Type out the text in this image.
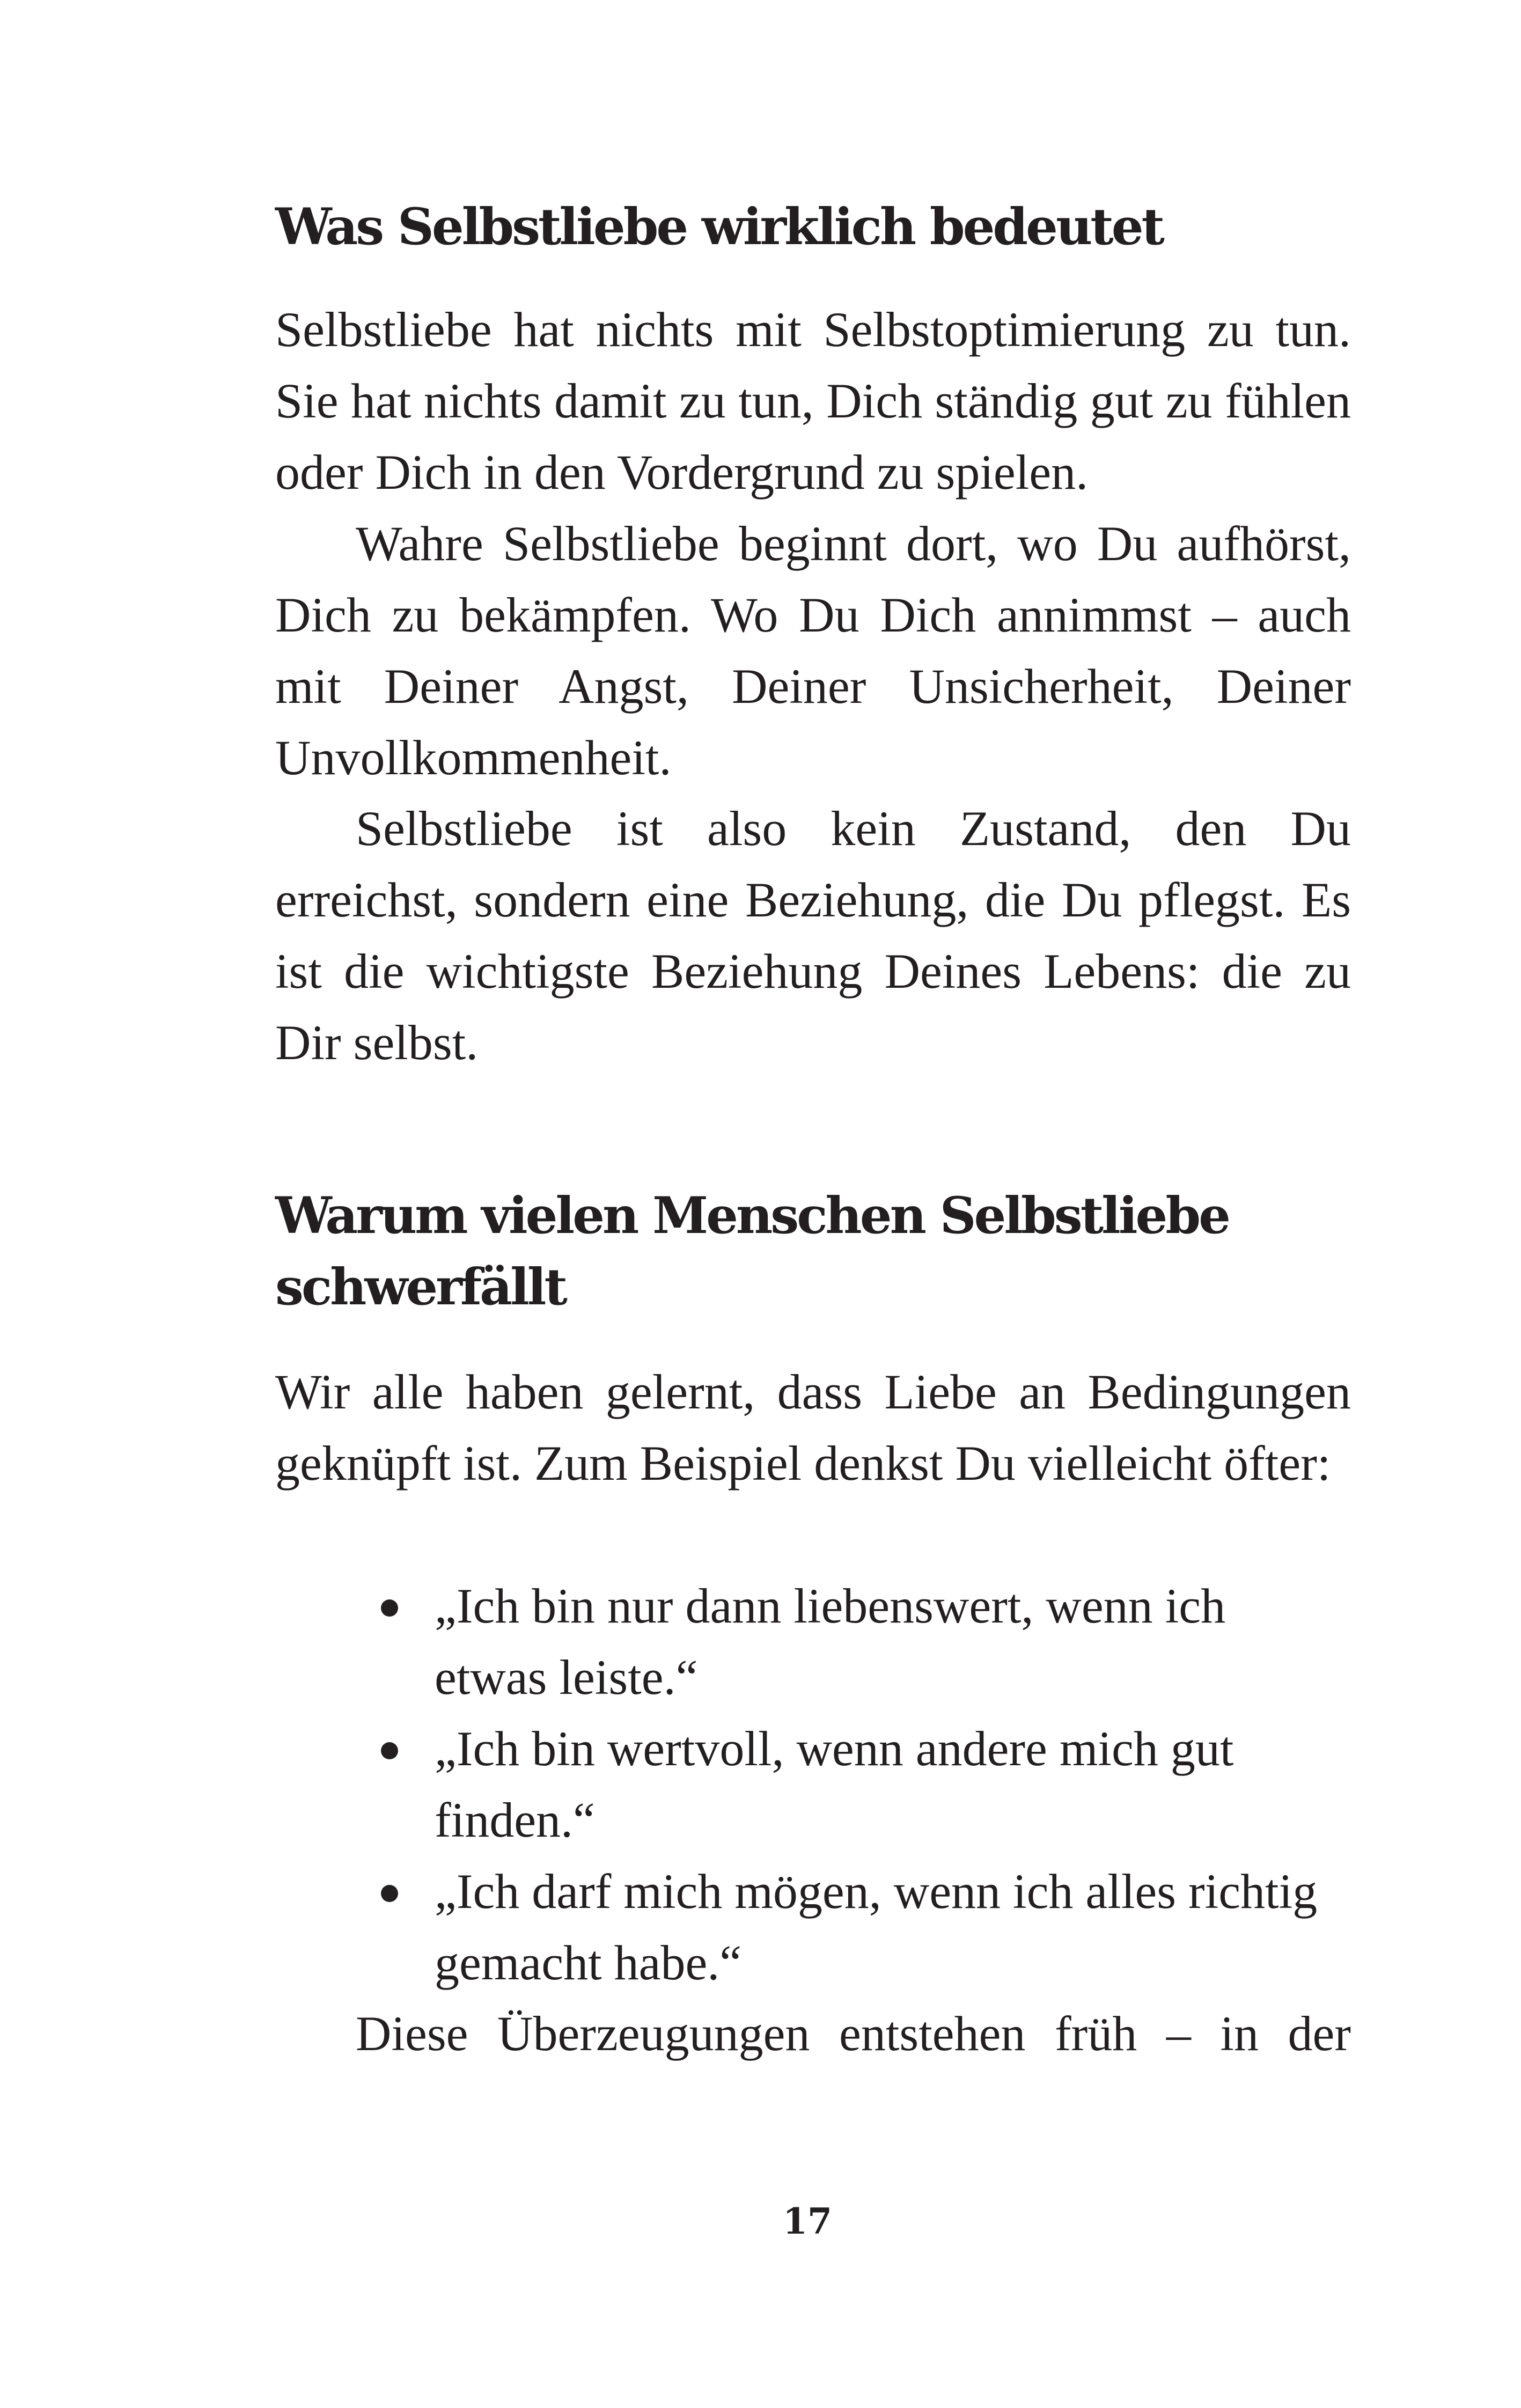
Was Selbstliebe wirklich bedeutet

Selbstliebe hat nichts mit Selbstoptimierung zu tun. Sie hat nichts damit zu tun, Dich ständig gut zu fühlen oder Dich in den Vordergrund zu spielen.

Wahre Selbstliebe beginnt dort, wo Du aufhörst, Dich zu bekämpfen. Wo Du Dich annimmst – auch mit Deiner Angst, Deiner Unsicherheit, Deiner Unvollkommenheit.

Selbstliebe ist also kein Zustand, den Du erreichst, sondern eine Beziehung, die Du pflegst. Es ist die wichtigste Beziehung Deines Lebens: die zu Dir selbst.

Warum vielen Menschen Selbstliebe schwerfällt

Wir alle haben gelernt, dass Liebe an Bedingungen geknüpft ist. Zum Beispiel denkst Du vielleicht öfter:

„Ich bin nur dann liebenswert, wenn ich etwas leiste.“
„Ich bin wertvoll, wenn andere mich gut finden.“
„Ich darf mich mögen, wenn ich alles richtig gemacht habe.“

Diese Überzeugungen entstehen früh – in der

17
